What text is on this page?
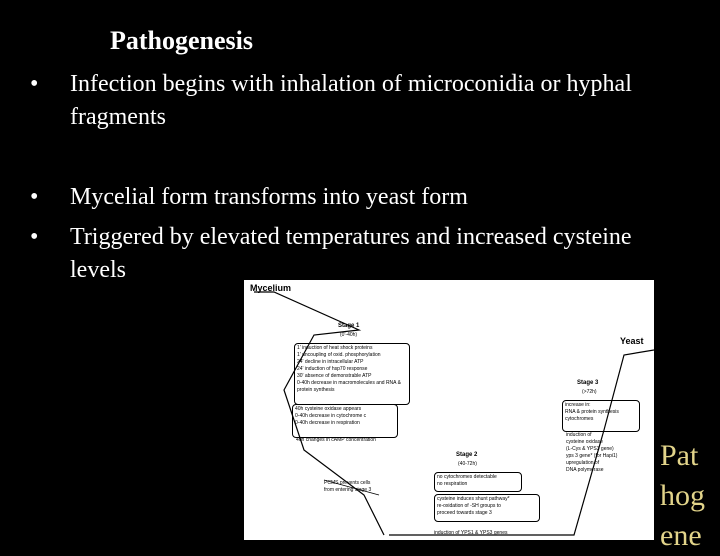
Pathogenesis
• Infection begins with inhalation of microconidia or hyphal fragments
• Mycelial form transforms into yeast form
• Triggered by elevated temperatures and increased cysteine levels
Mycelium
Yeast
Stage 1
(0'-40h)
Stage 2
(40-72h)
Stage 3
(>72h)
1' induction of heat shock proteins
1' uncoupling of oxid. phosphorylation
24' decline in intracellular ATP
24' induction of hsp70 response
30' absence of demonstrable ATP
0-40h decrease in macromolecules and RNA & protein synthesis
40h cysteine oxidase appears
0-40h decrease in cytochrome c
0-40h decrease in respiration
40h changes in cAMP concentration
increase in:
RNA & protein synthesis
cytochromes
induction of
cysteine oxidase
(L-Cys & YPS3 gene)
yps 3 gene* (for Hapi1)
upregulation of
DNA polymerase
no cytochromes detectable
no respiration
cysteine induces shunt pathway*
re-oxidation of -SH groups to
proceed towards stage 3
PCMS prevents cells from entering stage 3
induction of YPS1 & YPS3 genes
Pat
hog
ene
